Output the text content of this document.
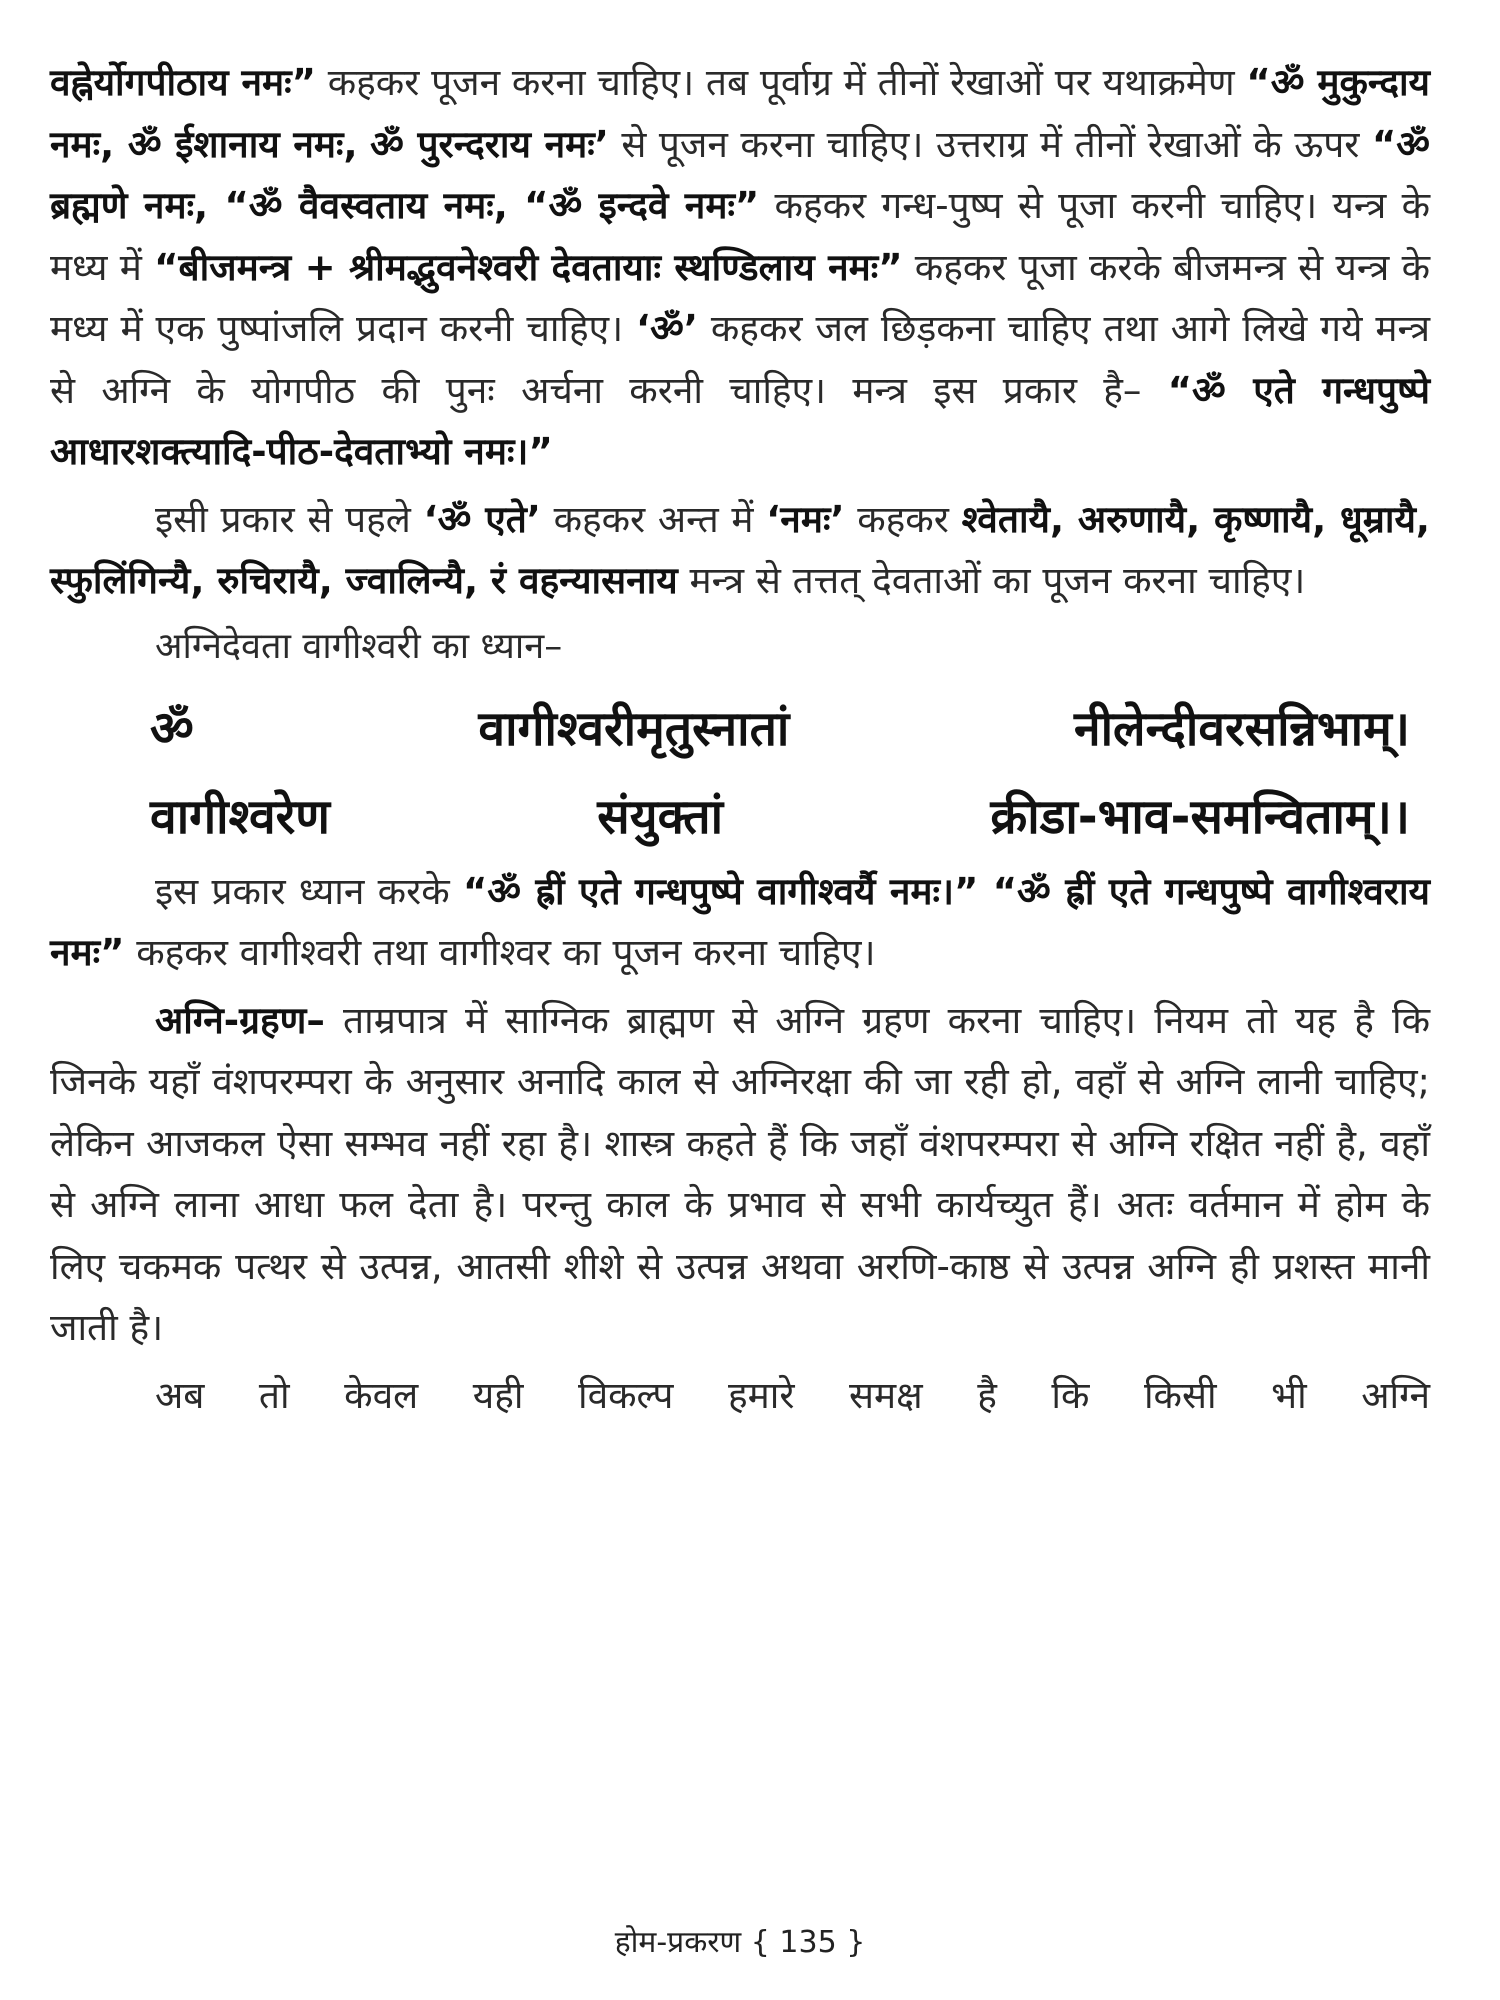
वह्नेर्योगपीठाय नमः” कहकर पूजन करना चाहिए। तब पूर्वाग्र में तीनों रेखाओं पर यथाक्रमेण “ॐ मुकुन्दाय नमः, ॐ ईशानाय नमः, ॐ पुरन्दराय नमः’ से पूजन करना चाहिए। उत्तराग्र में तीनों रेखाओं के ऊपर “ॐ ब्रह्मणे नमः, “ॐ वैवस्वताय नमः, “ॐ इन्दवे नमः” कहकर गन्ध-पुष्प से पूजा करनी चाहिए। यन्त्र के मध्य में “बीजमन्त्र + श्रीमद्भुवनेश्वरी देवतायाः स्थण्डिलाय नमः” कहकर पूजा करके बीजमन्त्र से यन्त्र के मध्य में एक पुष्पांजलि प्रदान करनी चाहिए। ‘ॐ’ कहकर जल छिड़कना चाहिए तथा आगे लिखे गये मन्त्र से अग्नि के योगपीठ की पुनः अर्चना करनी चाहिए। मन्त्र इस प्रकार है– “ॐ एते गन्धपुष्पे आधारशक्त्यादि-पीठ-देवताभ्यो नमः।”

इसी प्रकार से पहले ‘ॐ एते’ कहकर अन्त में ‘नमः’ कहकर श्वेतायै, अरुणायै, कृष्णायै, धूम्रायै, स्फुलिंगिन्यै, रुचिरायै, ज्वालिन्यै, रं वहन्यासनाय मन्त्र से तत्तत् देवताओं का पूजन करना चाहिए।

अग्निदेवता वागीश्वरी का ध्यान–

ॐ	वागीश्वरीमृतुस्नातां	नीलेन्दीवरसन्निभाम्।
वागीश्वरेण	संयुक्तां	क्रीडा-भाव-समन्विताम्।।

इस प्रकार ध्यान करके “ॐ ह्रीं एते गन्धपुष्पे वागीश्वर्यै नमः।” “ॐ ह्रीं एते गन्धपुष्पे वागीश्वराय नमः” कहकर वागीश्वरी तथा वागीश्वर का पूजन करना चाहिए।

अग्नि-ग्रहण– ताम्रपात्र में साग्निक ब्राह्मण से अग्नि ग्रहण करना चाहिए। नियम तो यह है कि जिनके यहाँ वंशपरम्परा के अनुसार अनादि काल से अग्निरक्षा की जा रही हो, वहाँ से अग्नि लानी चाहिए; लेकिन आजकल ऐसा सम्भव नहीं रहा है। शास्त्र कहते हैं कि जहाँ वंशपरम्परा से अग्नि रक्षित नहीं है, वहाँ से अग्नि लाना आधा फल देता है। परन्तु काल के प्रभाव से सभी कार्यच्युत हैं। अतः वर्तमान में होम के लिए चकमक पत्थर से उत्पन्न, आतसी शीशे से उत्पन्न अथवा अरणि-काष्ठ से उत्पन्न अग्नि ही प्रशस्त मानी जाती है।

अब तो केवल यही विकल्प हमारे समक्ष है कि किसी भी अग्नि

होम-प्रकरण { 135 }
